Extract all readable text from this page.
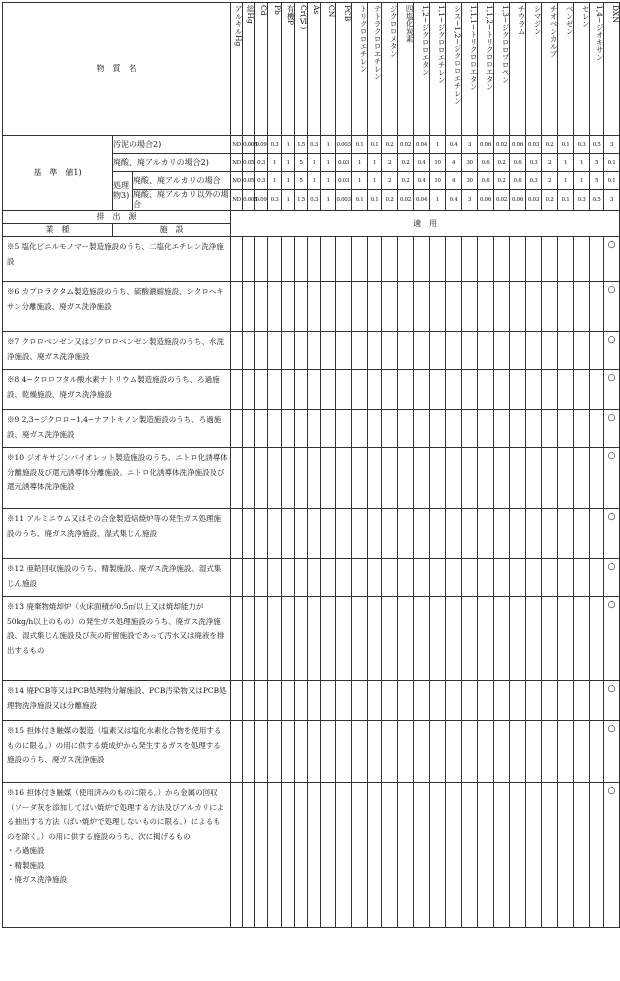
物　質　名			アルキルHg	総Hg	Cd	Pb	有機P	Cr(Ⅵ)	As	CN	PCB	トリクロロエチレン	テトラクロロエチレン	ジクロロメタン	四塩化炭素	1,2−ジクロロエタン	1,1−ジクロロエチレン	シス−1,2−ジクロロエチレン	1,1,1−トリクロロエタン	1,1,2−トリクロロエタン	1,3−ジクロロプロペン	チウラム	シマジン	チオベンカルブ	ベンゼン	セレン	1,4−ジオキサン	DXN
基　準　値1)	汚泥の場合2)		ND	0.005	0.09	0.3	1	1.5	0.3	1	0.003	0.1	0.1	0.2	0.02	0.04	1	0.4	3	0.06	0.02	0.06	0.03	0.2	0.1	0.3	0.5	3
	廃酸、廃アルカリの場合2)		ND	0.05	0.3	1	1	5	1	1	0.03	1	1	2	0.2	0.4	10	4	30	0.6	0.2	0.6	0.3	2	1	1	5	0.1
	処理物3)	廃酸、廃アルカリの場合	ND	0.05	0.3	1	1	5	1	1	0.03	1	1	2	0.2	0.4	10	4	30	0.6	0.2	0.6	0.3	2	1	1	5	0.1
		廃酸、廃アルカリ以外の場合	ND	0.005	0.09	0.3	1	1.5	0.3	1	0.003	0.1	0.1	0.2	0.02	0.04	1	0.4	3	0.06	0.02	0.06	0.03	0.2	0.1	0.3	0.5	3
排　出　源			適　用																									
業　種	施　設																											
※5 塩化ビニルモノマー製造施設のうち、二塩化エチレン洗浄施設																												○
※6 カプロラクタム製造施設のうち、硫酸濃縮施設、シクロヘキサン分離施設、廃ガス洗浄施設																												○
※7 クロロベンゼン又はジクロロベンゼン製造施設のうち、水洗浄施設、廃ガス洗浄施設																												○
※8 4−クロロフタル酸水素ナトリウム製造施設のうち、ろ過施設、乾燥施設、廃ガス洗浄施設																												○
※9 2,3−ジクロロ−1,4−ナフトキノン製造施設のうち、ろ過施設、廃ガス洗浄施設																												○
※10 ジオキサジンバイオレット製造施設のうち、ニトロ化誘導体分離施設及び還元誘導体分離施設、ニトロ化誘導体洗浄施設及び還元誘導体洗浄施設																												○
※11 アルミニウム又はその合金製造焙焼炉等の発生ガス処理施設のうち、廃ガス洗浄施設、湿式集じん施設																												○
※12 亜鉛回収施設のうち、精製施設、廃ガス洗浄施設、湿式集じん施設																												○
※13 廃棄物焼却炉（火床面積が0.5㎡以上又は焼却能力が50kg/h以上のもの）の発生ガス処理施設のうち、廃ガス洗浄施設、湿式集じん施設及び灰の貯留施設であって汚水又は廃液を排出するもの																												○
※14 廃PCB等又はPCB処理物分解施設、PCB汚染物又はPCB処理物洗浄施設又は分離施設																												○
※15 担体付き触媒の製造（塩素又は塩化水素化合物を使用するものに限る。）の用に供する焼成炉から発生するガスを処理する施設のうち、廃ガス洗浄施設																												○
※16 担体付き触媒（使用済みのものに限る。）から金属の回収（ソーダ灰を添加してばい焼炉で処理する方法及びアルカリによる抽出する方法（ばい焼炉で処理しないものに限る。）によるものを除く。）の用に供する施設のうち、次に掲げるもの
・ろ過施設
・精製施設
・廃ガス洗浄施設																												○
